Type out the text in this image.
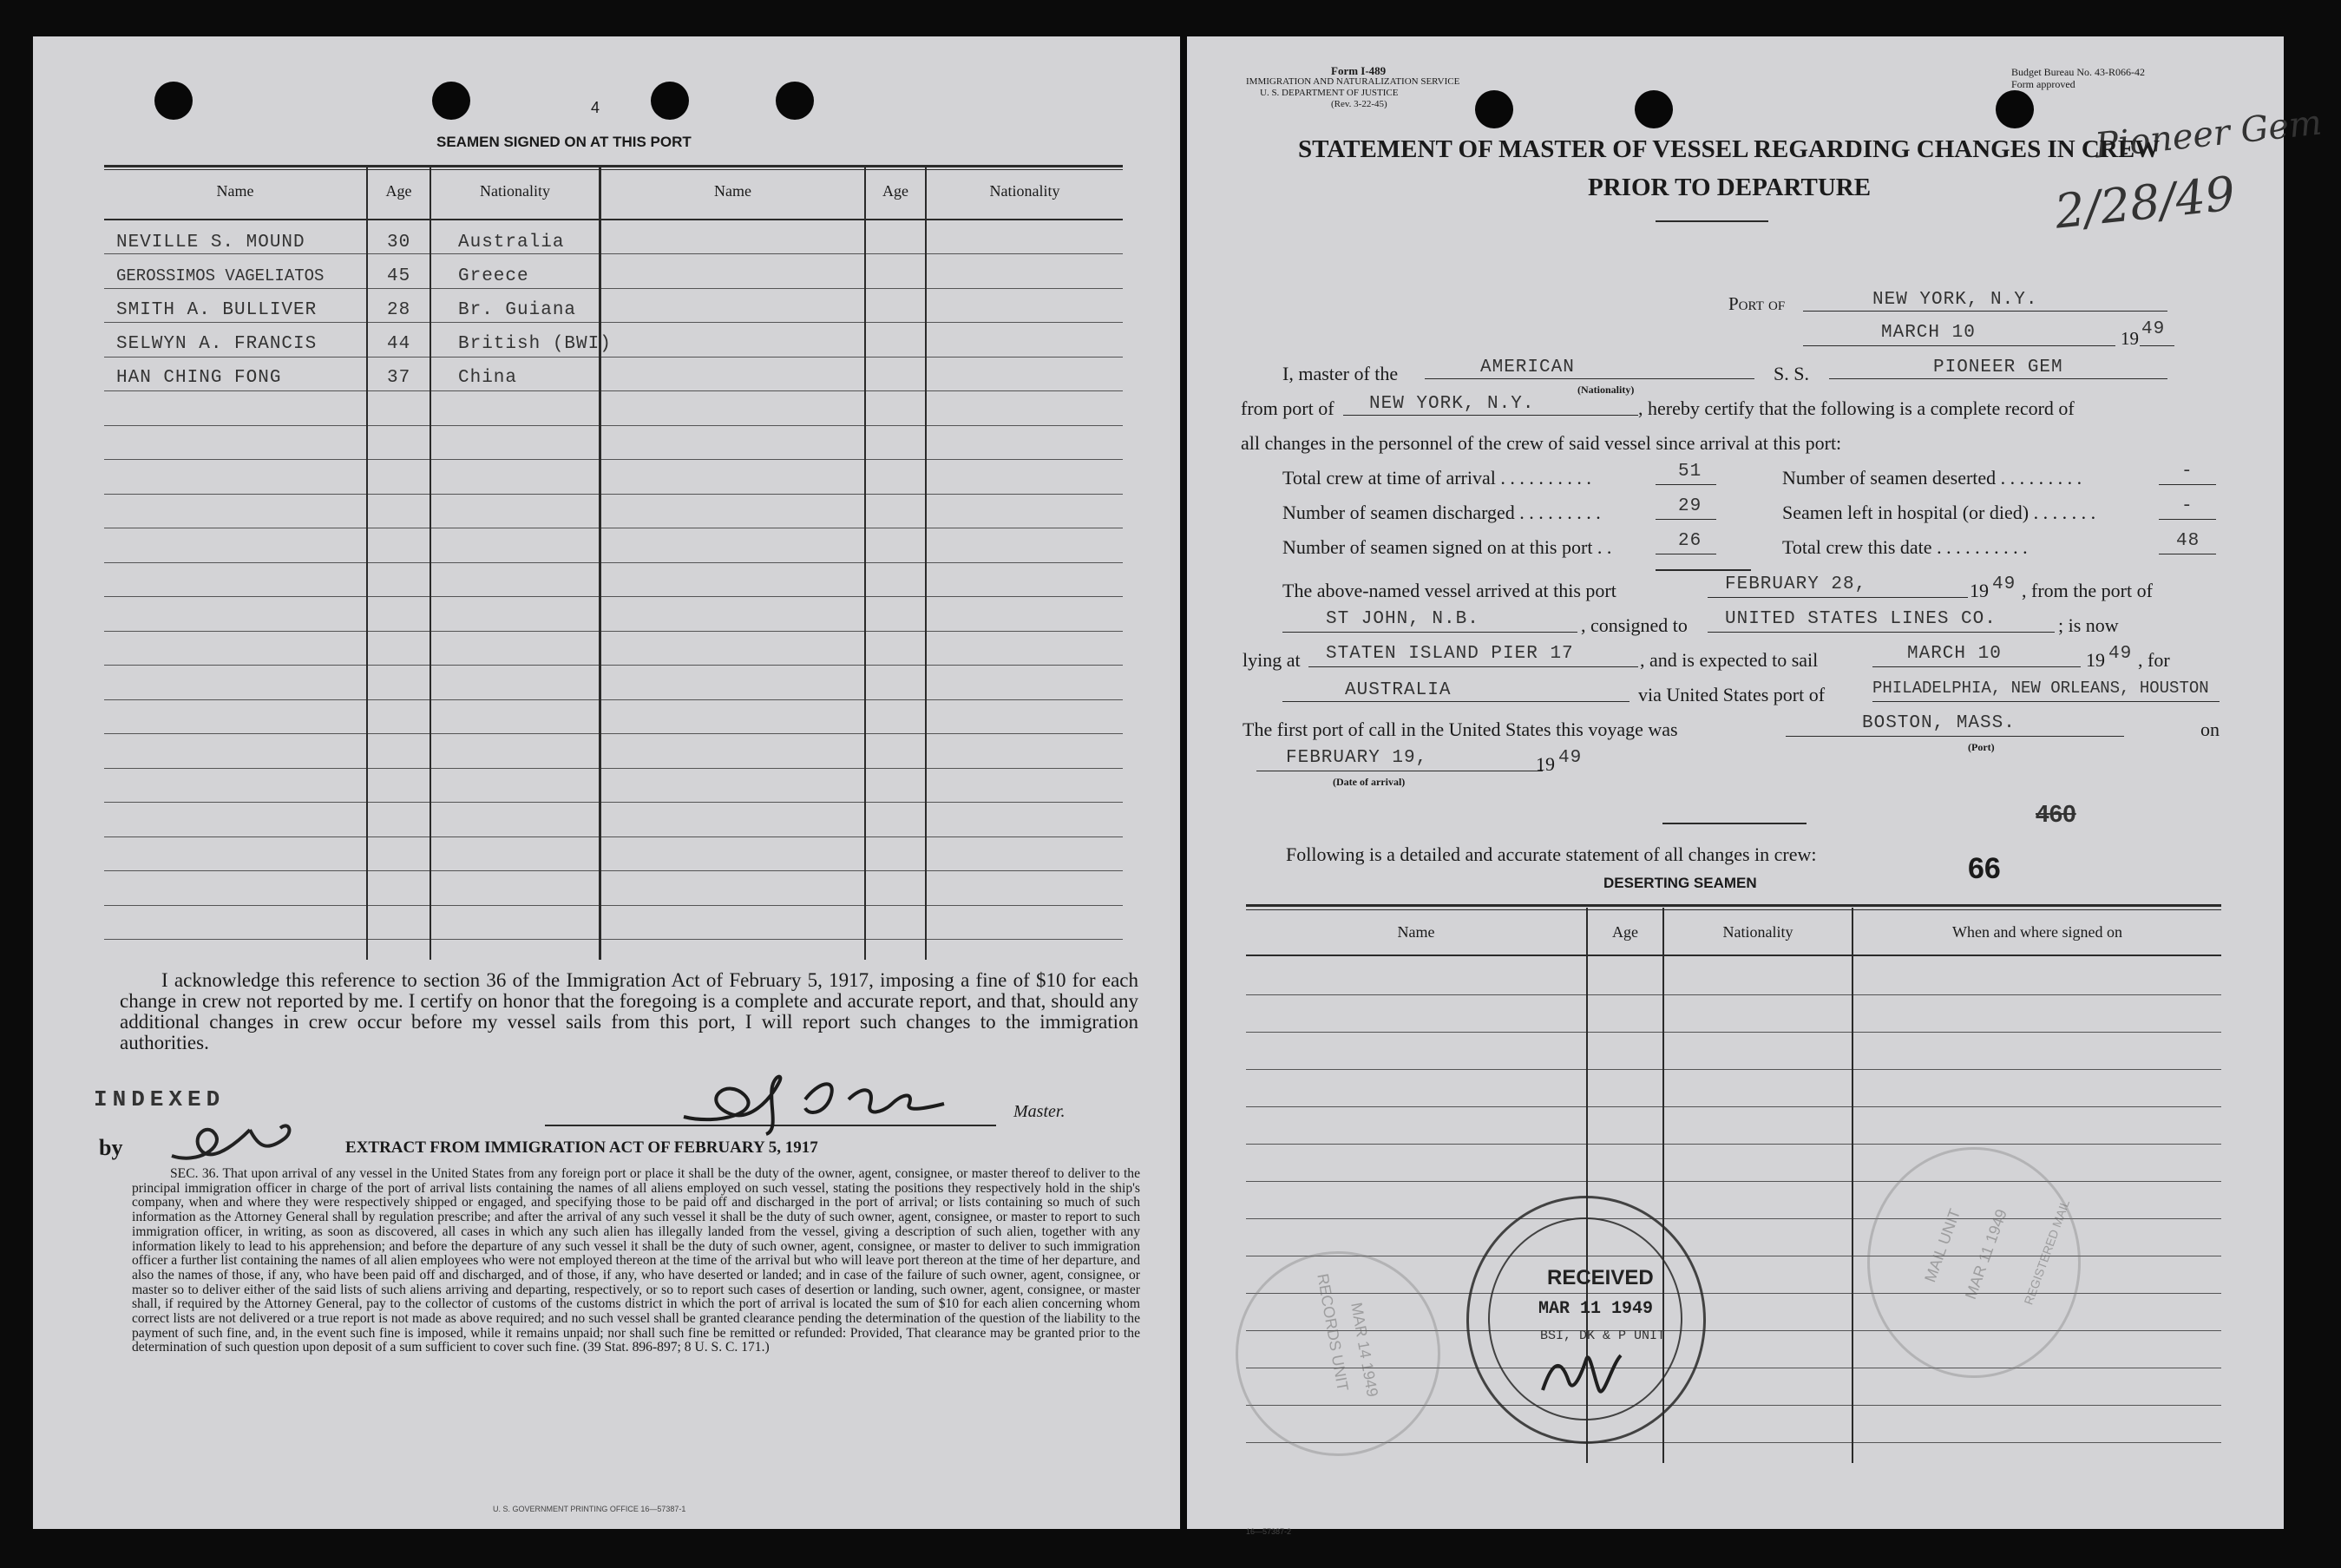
4
SEAMEN SIGNED ON AT THIS PORT
Name	Age	Nationality	Name	Age	Nationality
NEVILLE S. MOUND	30	Australia
GEROSSIMOS VAGELIATOS	45	Greece
SMITH A. BULLIVER	28	Br. Guiana
SELWYN A. FRANCIS	44	British (BWI)
HAN CHING FONG	37	China
I acknowledge this reference to section 36 of the Immigration Act of February 5, 1917, imposing a fine of $10 for each change in crew not reported by me. I certify on honor that the foregoing is a complete and accurate report, and that, should any additional changes in crew occur before my vessel sails from this port, I will report such changes to the immigration authorities.
INDEXED
by
Master.
EXTRACT FROM IMMIGRATION ACT OF FEBRUARY 5, 1917
SEC. 36. That upon arrival of any vessel in the United States from any foreign port or place it shall be the duty of the owner, agent, consignee, or master thereof to deliver to the principal immigration officer in charge of the port of arrival lists containing the names of all aliens employed on such vessel, stating the positions they respectively hold in the ship's company, when and where they were respectively shipped or engaged, and specifying those to be paid off and discharged in the port of arrival; or lists containing so much of such information as the Attorney General shall by regulation prescribe; and after the arrival of any such vessel it shall be the duty of such owner, agent, consignee, or master to report to such immigration officer, in writing, as soon as discovered, all cases in which any such alien has illegally landed from the vessel, giving a description of such alien, together with any information likely to lead to his apprehension; and before the departure of any such vessel it shall be the duty of such owner, agent, consignee, or master to deliver to such immigration officer a further list containing the names of all alien employees who were not employed thereon at the time of the arrival but who will leave port thereon at the time of her departure, and also the names of those, if any, who have been paid off and discharged, and of those, if any, who have deserted or landed; and in case of the failure of such owner, agent, consignee, or master so to deliver either of the said lists of such aliens arriving and departing, respectively, or so to report such cases of desertion or landing, such owner, agent, consignee, or master shall, if required by the Attorney General, pay to the collector of customs of the customs district in which the port of arrival is located the sum of $10 for each alien concerning whom correct lists are not delivered or a true report is not made as above required; and no such vessel shall be granted clearance pending the determination of the question of the liability to the payment of such fine, and, in the event such fine is imposed, while it remains unpaid; nor shall such fine be remitted or refunded: Provided, That clearance may be granted prior to the determination of such question upon deposit of a sum sufficient to cover such fine. (39 Stat. 896-897; 8 U. S. C. 171.)
U. S. GOVERNMENT PRINTING OFFICE 16—57387-1
Form I-489
IMMIGRATION AND NATURALIZATION SERVICE
U. S. DEPARTMENT OF JUSTICE
(Rev. 3-22-45)
Budget Bureau No. 43-R066-42
Form approved
Pioneer Gem
2/28/49
STATEMENT OF MASTER OF VESSEL REGARDING CHANGES IN CREW
PRIOR TO DEPARTURE
Port of	NEW YORK, N.Y.
MARCH 10	19 49
I, master of the	AMERICAN	S. S.	PIONEER GEM
(Nationality)
from port of NEW YORK, N.Y.	, hereby certify that the following is a complete record of
all changes in the personnel of the crew of said vessel since arrival at this port:
Total crew at time of arrival . . . . . . . . . .	51	Number of seamen deserted . . . . . . . . .	-
Number of seamen discharged . . . . . . . . .	29	Seamen left in hospital (or died) . . . . . . .	-
Number of seamen signed on at this port . .	26	Total crew this date . . . . . . . . . .	48
The above-named vessel arrived at this port	FEBRUARY 28,	19 49 , from the port of
ST JOHN, N.B.	, consigned to UNITED STATES LINES CO.	; is now
lying at STATEN ISLAND PIER 17	, and is expected to sail	MARCH 10	19 49 , for
AUSTRALIA	via United States port of	PHILADELPHIA, NEW ORLEANS, HOUSTON
The first port of call in the United States this voyage was	BOSTON, MASS.	on
(Port)
FEBRUARY 19,	19 49
(Date of arrival)
460
66
Following is a detailed and accurate statement of all changes in crew:
DESERTING SEAMEN
Name	Age	Nationality	When and where signed on
RECORDS UNIT
MAR 14 1949
RECEIVED
MAR 11 1949
BSI, DK & P UNIT
MAIL UNIT
MAR 11 1949 REGISTERED MAIL
16—57387-2
